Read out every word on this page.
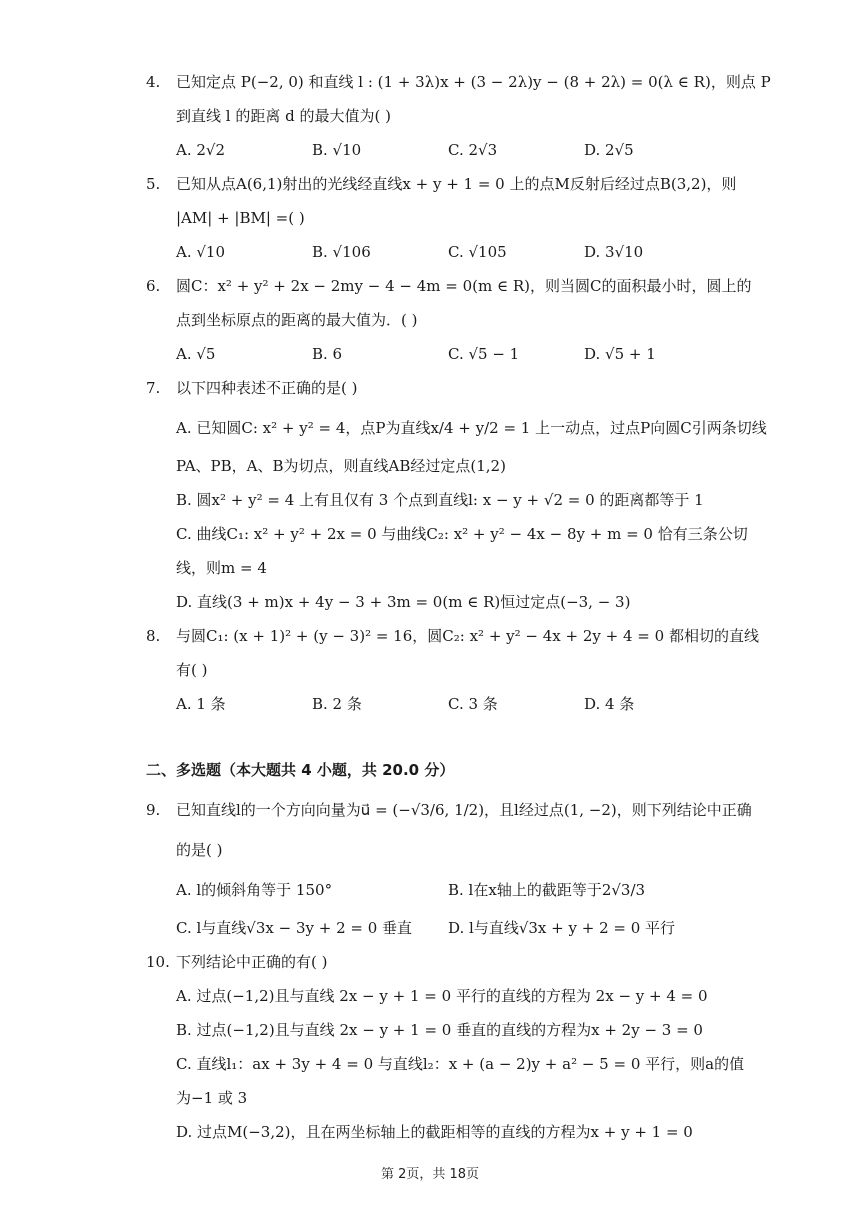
4. 已知定点 P(−2, 0) 和直线 l : (1 + 3λ)x + (3 − 2λ)y − (8 + 2λ) = 0(λ ∈ R)，则点 P
到直线 l 的距离 d 的最大值为( )
A. 2√2	B. √10	C. 2√3	D. 2√5
5. 已知从点A(6,1)射出的光线经直线x + y + 1 = 0 上的点M反射后经过点B(3,2)，则
|AM| + |BM| =( )
A. √10	B. √106	C. √105	D. 3√10
6. 圆C：x² + y² + 2x − 2my − 4 − 4m = 0(m ∈ R)，则当圆C的面积最小时，圆上的
点到坐标原点的距离的最大值为．( )
A. √5	B. 6	C. √5 − 1	D. √5 + 1
7. 以下四种表述不正确的是( )
A. 已知圆C: x² + y² = 4，点P为直线x/4 + y/2 = 1 上一动点，过点P向圆C引两条切线
PA、PB，A、B为切点，则直线AB经过定点(1,2)
B. 圆x² + y² = 4 上有且仅有 3 个点到直线l: x − y + √2 = 0 的距离都等于 1
C. 曲线C₁: x² + y² + 2x = 0 与曲线C₂: x² + y² − 4x − 8y + m = 0 恰有三条公切
线，则m = 4
D. 直线(3 + m)x + 4y − 3 + 3m = 0(m ∈ R)恒过定点(−3, − 3)
8. 与圆C₁: (x + 1)² + (y − 3)² = 16，圆C₂: x² + y² − 4x + 2y + 4 = 0 都相切的直线
有( )
A. 1 条	B. 2 条	C. 3 条	D. 4 条
二、多选题（本大题共 4 小题，共 20.0 分）
9. 已知直线l的一个方向向量为u⃗ = (−√3/6, 1/2)，且l经过点(1, −2)，则下列结论中正确
的是( )
A. l的倾斜角等于 150°	B. l在x轴上的截距等于2√3/3
C. l与直线√3x − 3y + 2 = 0 垂直 D. l与直线√3x + y + 2 = 0 平行
10. 下列结论中正确的有( )
A. 过点(−1,2)且与直线 2x − y + 1 = 0 平行的直线的方程为 2x − y + 4 = 0
B. 过点(−1,2)且与直线 2x − y + 1 = 0 垂直的直线的方程为x + 2y − 3 = 0
C. 直线l₁：ax + 3y + 4 = 0 与直线l₂：x + (a − 2)y + a² − 5 = 0 平行，则a的值
为−1 或 3
D. 过点M(−3,2)，且在两坐标轴上的截距相等的直线的方程为x + y + 1 = 0
第 2页，共 18页
